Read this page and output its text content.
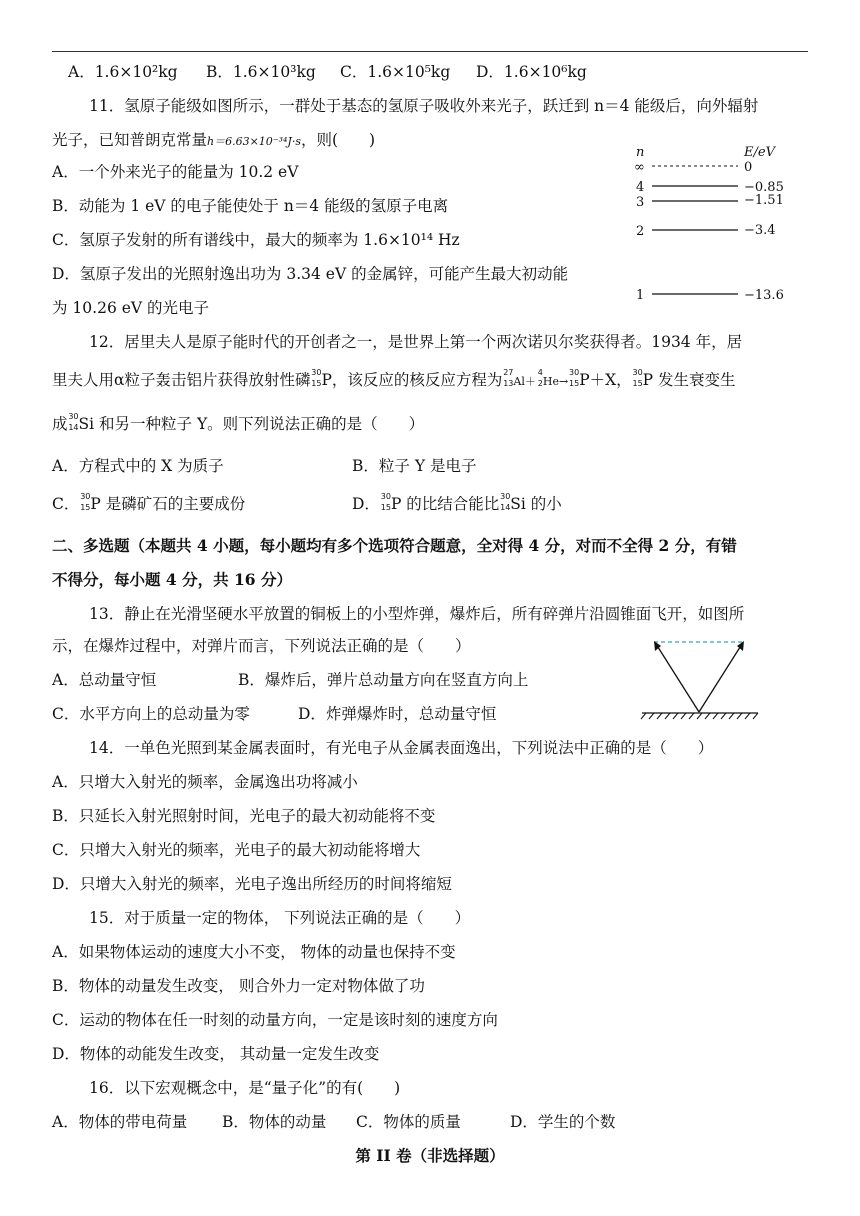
A．1.6×10²kg B．1.6×10³kg C．1.6×10⁵kg D．1.6×10⁶kg
11．氢原子能级如图所示，一群处于基态的氢原子吸收外来光子，跃迁到 n＝4 能级后，向外辐射
光子，已知普朗克常量h＝6.63×10⁻³⁴J·s，则(　　)
A．一个外来光子的能量为 10.2 eV
B．动能为 1 eV 的电子能使处于 n＝4 能级的氢原子电离
C．氢原子发射的所有谱线中，最大的频率为 1.6×10¹⁴ Hz
D．氢原子发出的光照射逸出功为 3.34 eV 的金属锌，可能产生最大初动能
为 10.26 eV 的光电子
n	E/eV
∞	0
4	−0.85
3	−1.51
2	−3.4
1	−13.6
12．居里夫人是原子能时代的开创者之一，是世界上第一个两次诺贝尔奖获得者。1934 年，居
里夫人用α粒子轰击铝片获得放射性磷 30
15 P，该反应的核反应方程为 27
13 Al＋
4
2 He→
30
15 P＋X， 30
15 P 发生衰变生
成 30
14 Si 和另一种粒子 Y。则下列说法正确的是（　　）
A．方程式中的 X 为质子	B．粒子 Y 是电子
C． 30
15 P 是磷矿石的主要成份	D． 30
15 P 的比结合能比 30
14 Si 的小
二、多选题（本题共 4 小题，每小题均有多个选项符合题意，全对得 4 分，对而不全得 2 分，有错
不得分，每小题 4 分，共 16 分）
13．静止在光滑坚硬水平放置的铜板上的小型炸弹，爆炸后，所有碎弹片沿圆锥面飞开，如图所
示，在爆炸过程中，对弹片而言，下列说法正确的是（　　）
A．总动量守恒	B．爆炸后，弹片总动量方向在竖直方向上
C．水平方向上的总动量为零	D．炸弹爆炸时，总动量守恒
14．一单色光照到某金属表面时，有光电子从金属表面逸出，下列说法中正确的是（　　）
A．只增大入射光的频率，金属逸出功将减小
B．只延长入射光照射时间，光电子的最大初动能将不变
C．只增大入射光的频率，光电子的最大初动能将增大
D．只增大入射光的频率，光电子逸出所经历的时间将缩短
15．对于质量一定的物体， 下列说法正确的是（　　）
A．如果物体运动的速度大小不变， 物体的动量也保持不变
B．物体的动量发生改变， 则合外力一定对物体做了功
C．运动的物体在任一时刻的动量方向，一定是该时刻的速度方向
D．物体的动能发生改变， 其动量一定发生改变
16．以下宏观概念中，是“量子化”的有(　　)
A．物体的带电荷量 B．物体的动量 C．物体的质量	D．学生的个数
第 II 卷（非选择题）
